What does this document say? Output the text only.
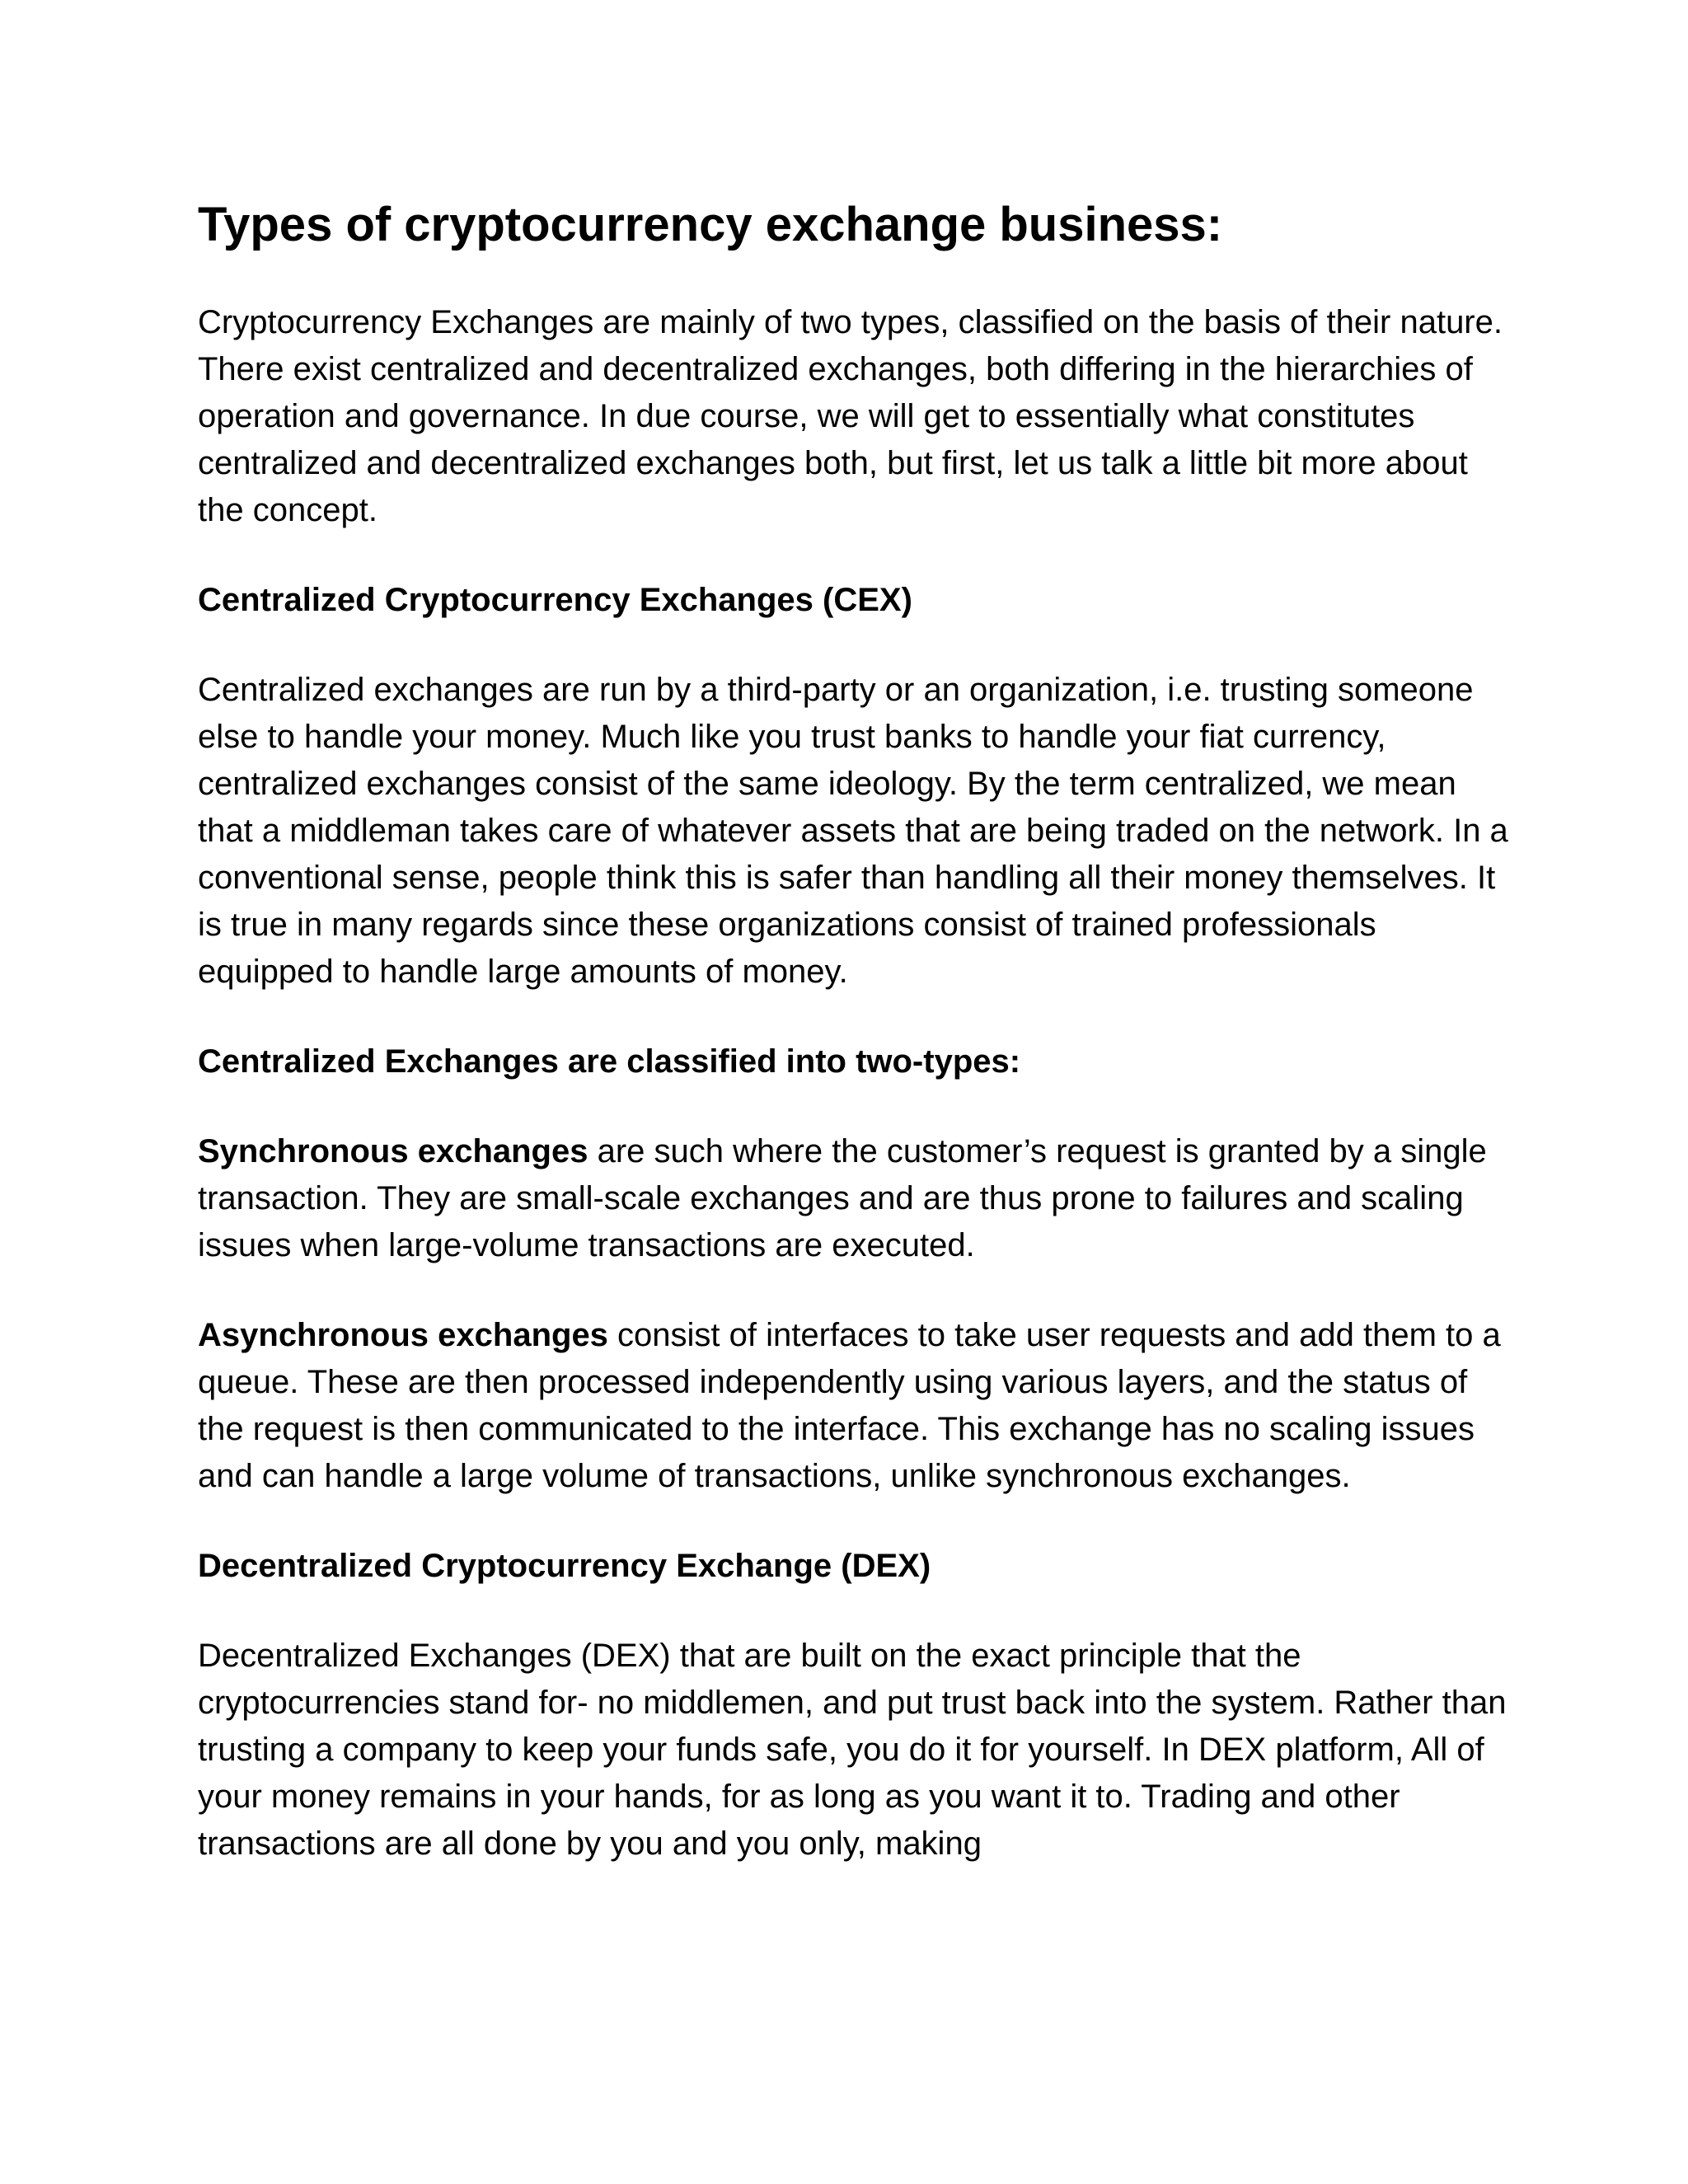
Types of cryptocurrency exchange business:

Cryptocurrency Exchanges are mainly of two types, classified on the basis of their nature. There exist centralized and decentralized exchanges, both differing in the hierarchies of operation and governance. In due course, we will get to essentially what constitutes centralized and decentralized exchanges both, but first, let us talk a little bit more about the concept.

Centralized Cryptocurrency Exchanges (CEX)

Centralized exchanges are run by a third-party or an organization, i.e. trusting someone else to handle your money. Much like you trust banks to handle your fiat currency, centralized exchanges consist of the same ideology. By the term centralized, we mean that a middleman takes care of whatever assets that are being traded on the network. In a conventional sense, people think this is safer than handling all their money themselves. It is true in many regards since these organizations consist of trained professionals equipped to handle large amounts of money.

Centralized Exchanges are classified into two-types:

Synchronous exchanges are such where the customer’s request is granted by a single transaction. They are small-scale exchanges and are thus prone to failures and scaling issues when large-volume transactions are executed.

Asynchronous exchanges consist of interfaces to take user requests and add them to a queue. These are then processed independently using various layers, and the status of the request is then communicated to the interface. This exchange has no scaling issues and can handle a large volume of transactions, unlike synchronous exchanges.

Decentralized Cryptocurrency Exchange (DEX)

Decentralized Exchanges (DEX) that are built on the exact principle that the cryptocurrencies stand for- no middlemen, and put trust back into the system. Rather than trusting a company to keep your funds safe, you do it for yourself. In DEX platform, All of your money remains in your hands, for as long as you want it to. Trading and other transactions are all done by you and you only, making
